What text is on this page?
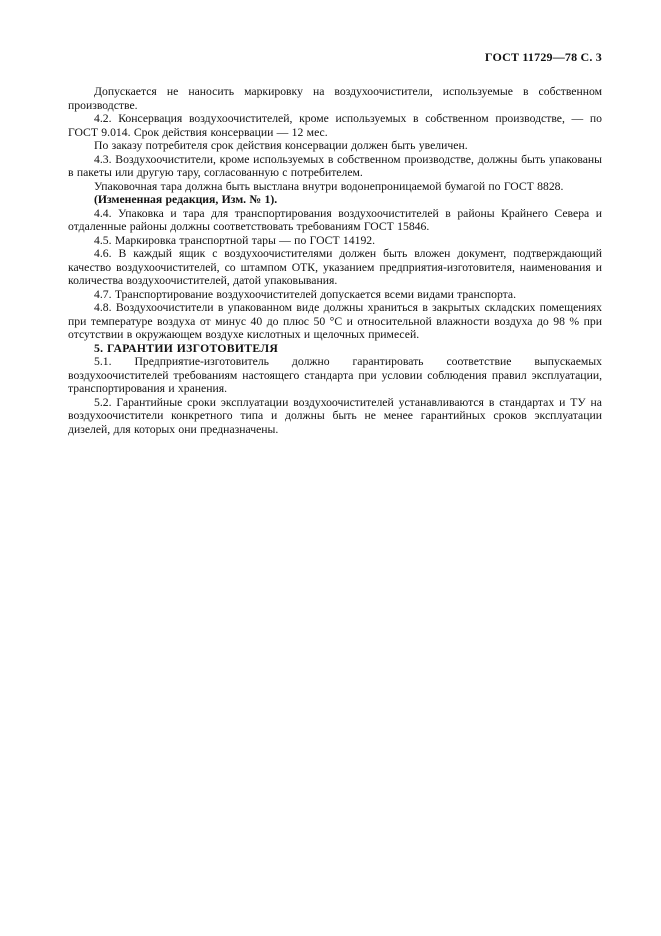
ГОСТ 11729—78 С. 3

Допускается не наносить маркировку на воздухоочистители, используемые в собственном производстве.

4.2. Консервация воздухоочистителей, кроме используемых в собственном производстве, — по ГОСТ 9.014. Срок действия консервации — 12 мес.

По заказу потребителя срок действия консервации должен быть увеличен.

4.3. Воздухоочистители, кроме используемых в собственном производстве, должны быть упакованы в пакеты или другую тару, согласованную с потребителем.

Упаковочная тара должна быть выстлана внутри водонепроницаемой бумагой по ГОСТ 8828.

(Измененная редакция, Изм. № 1).

4.4. Упаковка и тара для транспортирования воздухоочистителей в районы Крайнего Севера и отдаленные районы должны соответствовать требованиям ГОСТ 15846.

4.5. Маркировка транспортной тары — по ГОСТ 14192.

4.6. В каждый ящик с воздухоочистителями должен быть вложен документ, подтверждающий качество воздухоочистителей, со штампом ОТК, указанием предприятия-изготовителя, наименования и количества воздухоочистителей, датой упаковывания.

4.7. Транспортирование воздухоочистителей допускается всеми видами транспорта.

4.8. Воздухоочистители в упакованном виде должны храниться в закрытых складских помещениях при температуре воздуха от минус 40 до плюс 50 °С и относительной влажности воздуха до 98 % при отсутствии в окружающем воздухе кислотных и щелочных примесей.

5. ГАРАНТИИ ИЗГОТОВИТЕЛЯ

5.1. Предприятие-изготовитель должно гарантировать соответствие выпускаемых воздухоочистителей требованиям настоящего стандарта при условии соблюдения правил эксплуатации, транспортирования и хранения.

5.2. Гарантийные сроки эксплуатации воздухоочистителей устанавливаются в стандартах и ТУ на воздухоочистители конкретного типа и должны быть не менее гарантийных сроков эксплуатации дизелей, для которых они предназначены.
